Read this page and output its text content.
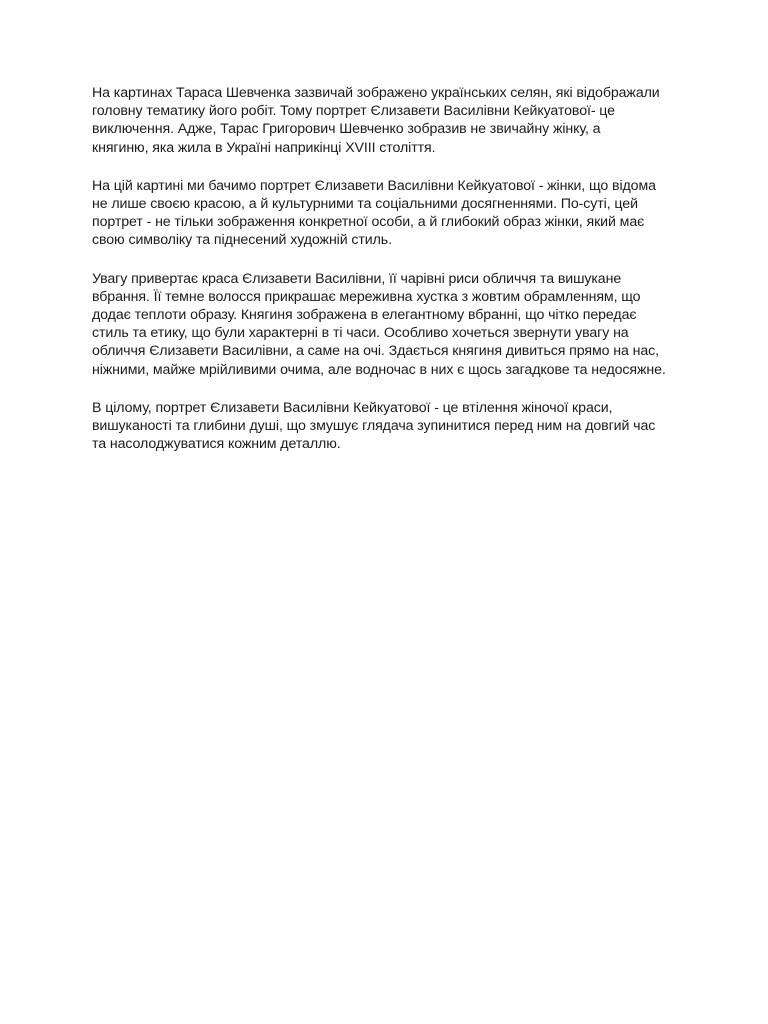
На картинах Тараса Шевченка зазвичай зображено українських селян, які відображали
головну тематику його робіт. Тому портрет Єлизавети Василівни Кейкуатової- це
виключення. Адже, Тарас Григорович Шевченко зобразив не звичайну жінку, а
княгиню, яка жила в Україні наприкінці XVIII століття.

На цій картині ми бачимо портрет Єлизавети Василівни Кейкуатової - жінки, що відома
не лише своєю красою, а й культурними та соціальними досягненнями. По-суті, цей
портрет - не тільки зображення конкретної особи, а й глибокий образ жінки, який має
свою символіку та піднесений художній стиль.

Увагу привертає краса Єлизавети Василівни, її чарівні риси обличчя та вишукане
вбрання. Її темне волосся прикрашає мереживна хустка з жовтим обрамленням, що
додає теплоти образу. Княгиня зображена в елегантному вбранні, що чітко передає
стиль та етику, що були характерні в ті часи. Особливо хочеться звернути увагу на
обличчя Єлизавети Василівни, а саме на очі. Здається княгиня дивиться прямо на нас,
ніжними, майже мрійливими очима, але водночас в них є щось загадкове та недосяжне.

В цілому, портрет Єлизавети Василівни Кейкуатової - це втілення жіночої краси,
вишуканості та глибини душі, що змушує глядача зупинитися перед ним на довгий час
та насолоджуватися кожним деталлю.
